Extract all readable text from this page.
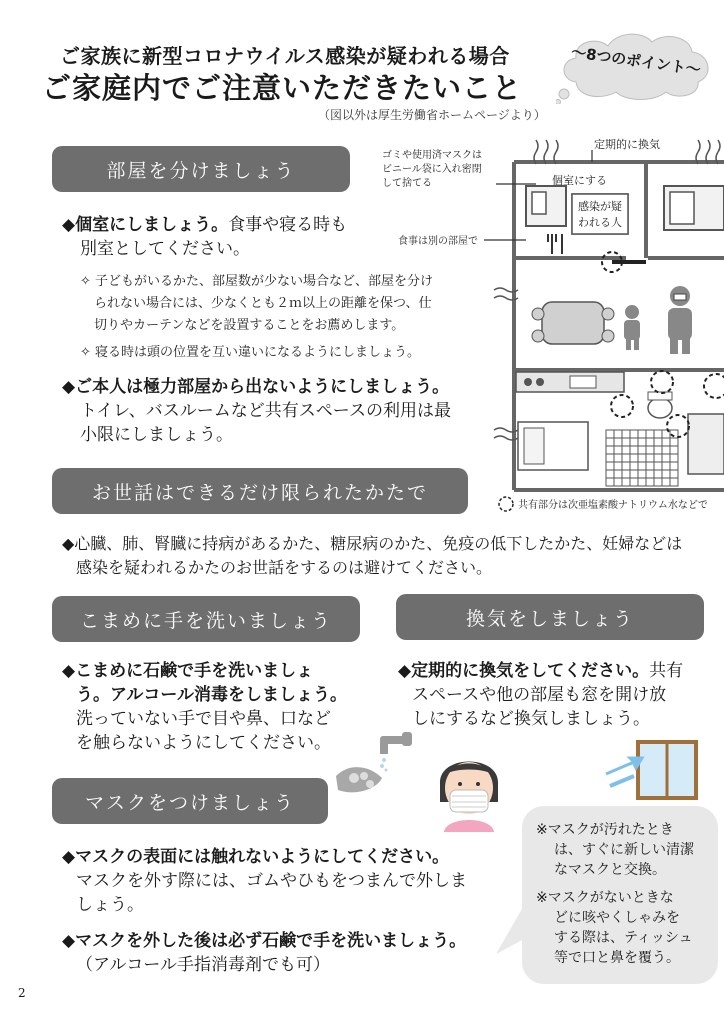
ご家族に新型コロナウイルス感染が疑われる場合
ご家庭内でご注意いただきたいこと
（図以外は厚生労働省ホームページより）
〜8つのポイント〜
部屋を分けましょう
◆個室にしましょう。食事や寝る時も
別室としてください。
✧ 子どもがいるかた、部屋数が少ない場合など、部屋を分け
られない場合には、少なくとも２ｍ以上の距離を保つ、仕
切りやカーテンなどを設置することをお薦めします。
✧ 寝る時は頭の位置を互い違いになるようにしましょう。
◆ご本人は極力部屋から出ないようにしましょう。
トイレ、バスルームなど共有スペースの利用は最
小限にしましょう。
ゴミや使用済マスクは
ビニール袋に入れ密閉
して捨てる
定期的に換気
個室にする
感染が疑
われる人
食事は別の部屋で
共有部分は次亜塩素酸ナトリウム水などで
お世話はできるだけ限られたかたで
◆心臓、肺、腎臓に持病があるかた、糖尿病のかた、免疫の低下したかた、妊婦などは
感染を疑われるかたのお世話をするのは避けてください。
こまめに手を洗いましょう
◆こまめに石鹸で手を洗いましょ
う。アルコール消毒をしましょう。
洗っていない手で目や鼻、口など
を触らないようにしてください。
換気をしましょう
◆定期的に換気をしてください。共有
スペースや他の部屋も窓を開け放
しにするなど換気しましょう。
マスクをつけましょう
◆マスクの表面には触れないようにしてください。
マスクを外す際には、ゴムやひもをつまんで外しま
しょう。
◆マスクを外した後は必ず石鹸で手を洗いましょう。
（アルコール手指消毒剤でも可）
※マスクが汚れたとき
は、すぐに新しい清潔
なマスクと交換。
※マスクがないときな
どに咳やくしゃみを
する際は、ティッシュ
等で口と鼻を覆う。
2
